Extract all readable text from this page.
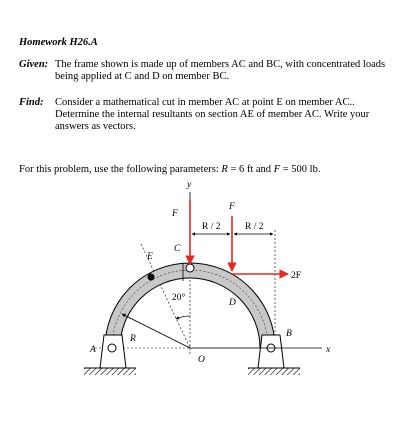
Homework H26.A
Given: The frame shown is made up of members AC and BC, with concentrated loads
being applied at C and D on member BC.
Find: Consider a mathematical cut in member AC at point E on member AC..
Determine the internal resultants on section AE of member AC. Write your
answers as vectors.
For this problem, use the following parameters: R = 6 ft and F = 500 lb.
y
F
F
R / 2	R / 2
C
E
D
B
A
O
R
20°
2F
x
